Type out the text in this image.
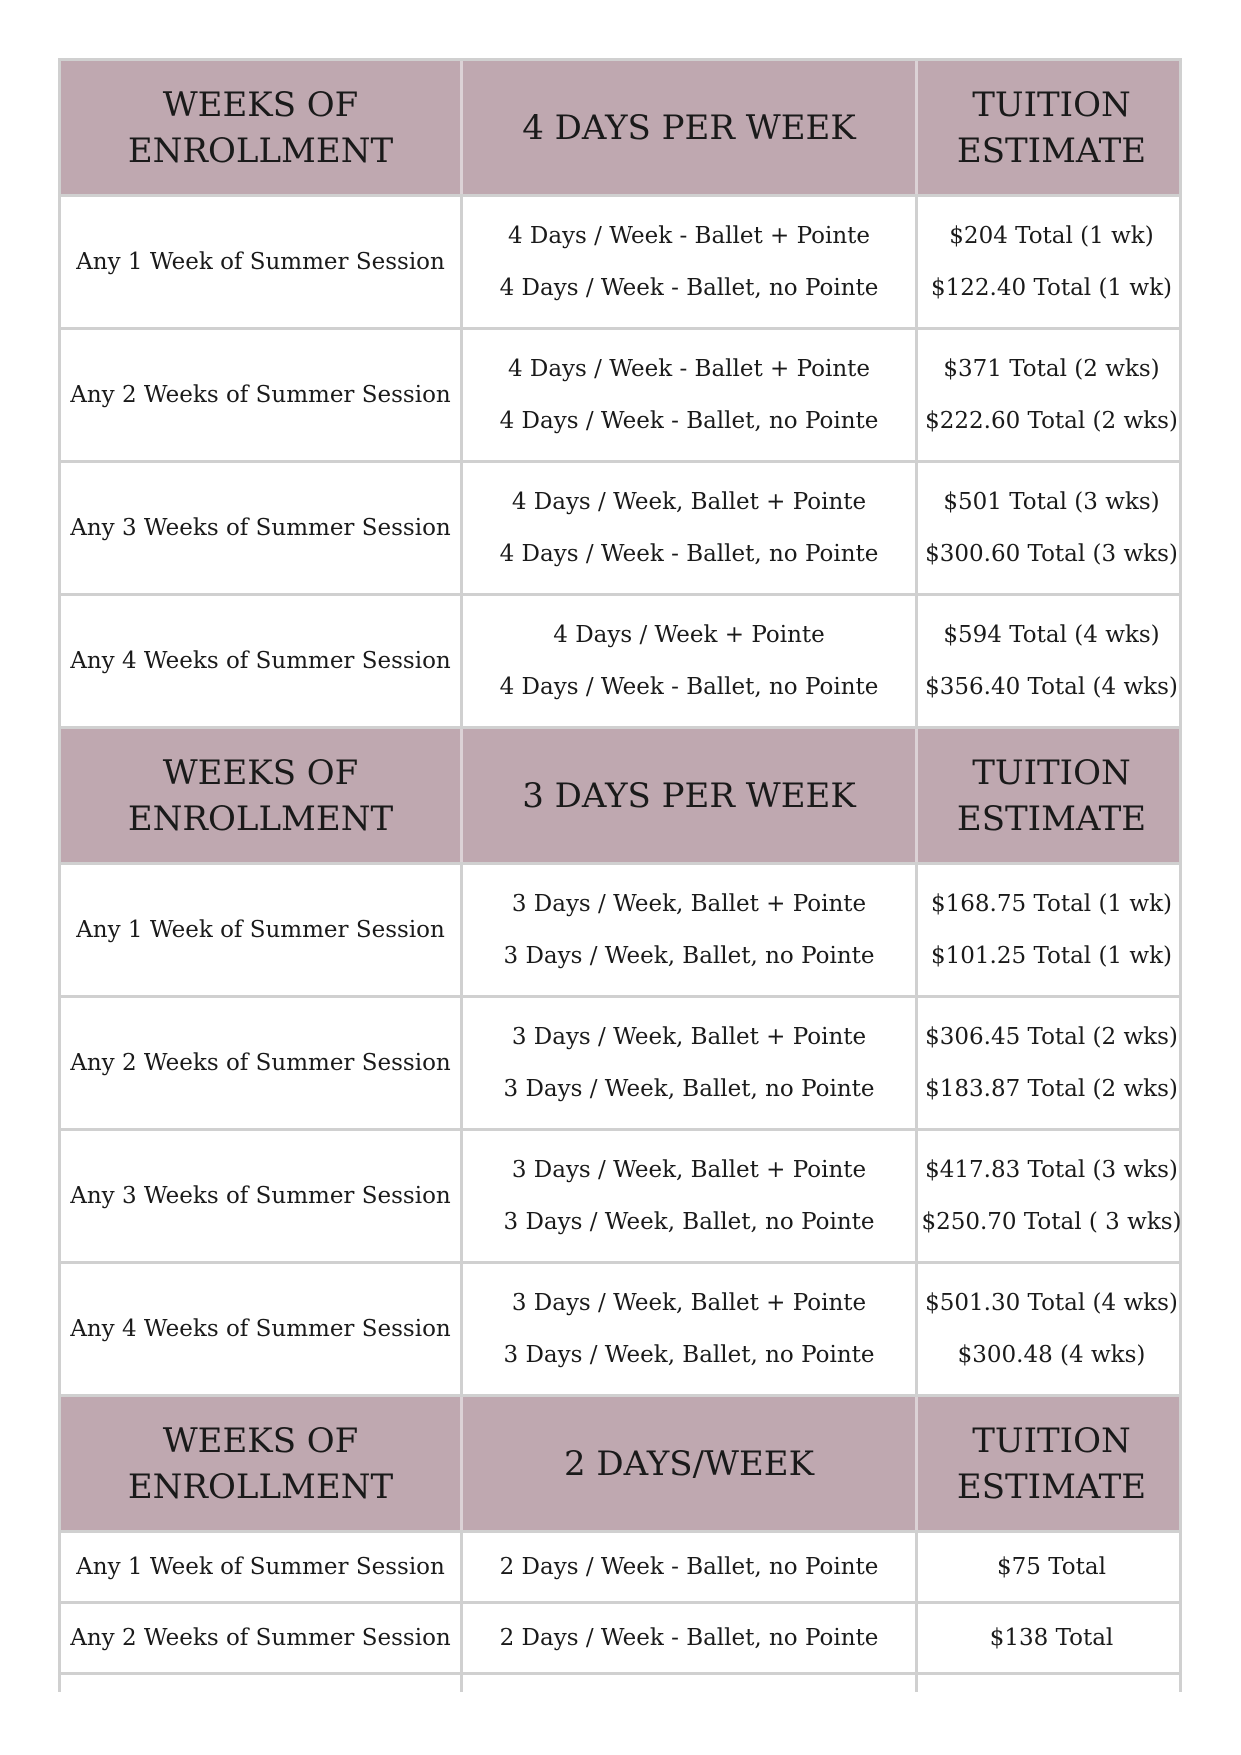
WEEKS OF
ENROLLMENT
4 DAYS PER WEEK
TUITION
ESTIMATE
Any 1 Week of Summer Session
4 Days / Week - Ballet + Pointe
4 Days / Week - Ballet, no Pointe
$204 Total (1 wk)
$122.40 Total (1 wk)
Any 2 Weeks of Summer Session
4 Days / Week - Ballet + Pointe
4 Days / Week - Ballet, no Pointe
$371 Total (2 wks)
$222.60 Total (2 wks)
Any 3 Weeks of Summer Session
4 Days / Week, Ballet + Pointe
4 Days / Week - Ballet, no Pointe
$501 Total (3 wks)
$300.60 Total (3 wks)
Any 4 Weeks of Summer Session
4 Days / Week + Pointe
4 Days / Week - Ballet, no Pointe
$594 Total (4 wks)
$356.40 Total (4 wks)
WEEKS OF
ENROLLMENT
3 DAYS PER WEEK
TUITION
ESTIMATE
Any 1 Week of Summer Session
3 Days / Week, Ballet + Pointe
3 Days / Week, Ballet, no Pointe
$168.75 Total (1 wk)
$101.25 Total (1 wk)
Any 2 Weeks of Summer Session
3 Days / Week, Ballet + Pointe
3 Days / Week, Ballet, no Pointe
$306.45 Total (2 wks)
$183.87 Total (2 wks)
Any 3 Weeks of Summer Session
3 Days / Week, Ballet + Pointe
3 Days / Week, Ballet, no Pointe
$417.83 Total (3 wks)
$250.70 Total ( 3 wks)
Any 4 Weeks of Summer Session
3 Days / Week, Ballet + Pointe
3 Days / Week, Ballet, no Pointe
$501.30 Total (4 wks)
$300.48 (4 wks)
WEEKS OF
ENROLLMENT
2 DAYS/WEEK
TUITION
ESTIMATE
Any 1 Week of Summer Session 2 Days / Week - Ballet, no Pointe	$75 Total
Any 2 Weeks of Summer Session 2 Days / Week - Ballet, no Pointe	$138 Total
